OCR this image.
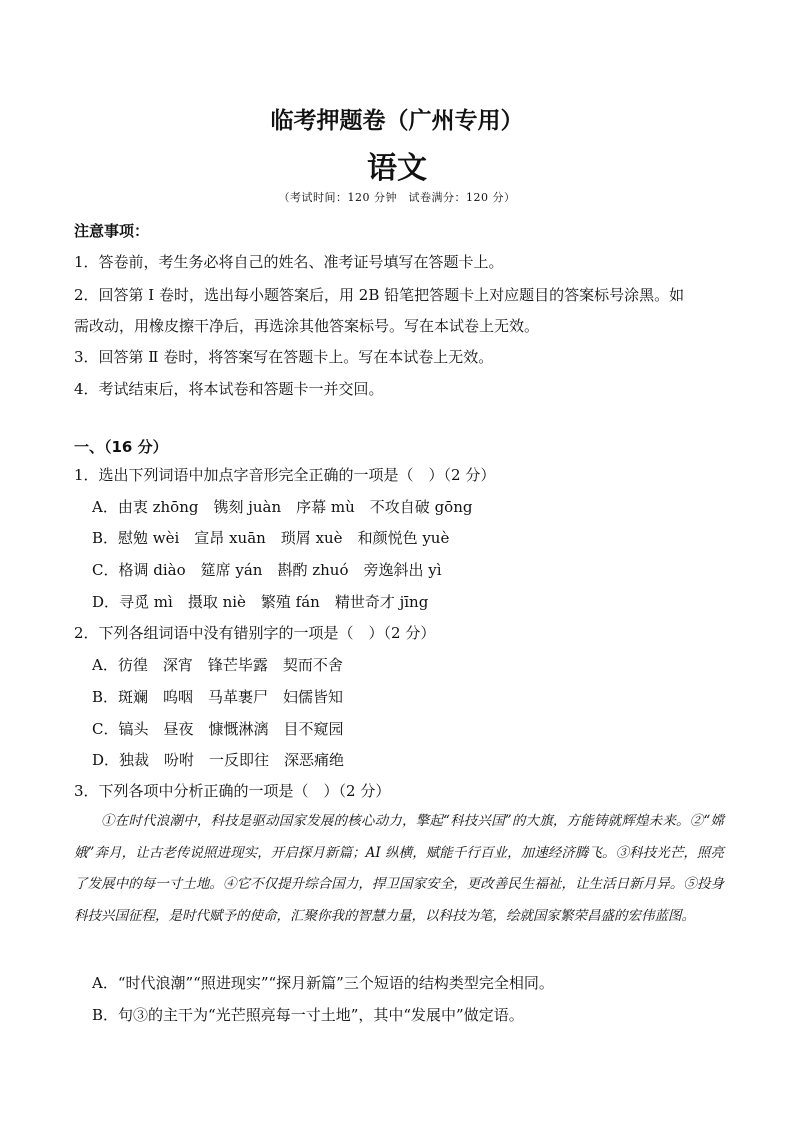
临考押题卷（广州专用）
语文
（考试时间：120 分钟　试卷满分：120 分）
注意事项：
1．答卷前，考生务必将自己的姓名、准考证号填写在答题卡上。
2．回答第 Ⅰ 卷时，选出每小题答案后，用 2B 铅笔把答题卡上对应题目的答案标号涂黑。如
需改动，用橡皮擦干净后，再选涂其他答案标号。写在本试卷上无效。
3．回答第 Ⅱ 卷时，将答案写在答题卡上。写在本试卷上无效。
4．考试结束后，将本试卷和答题卡一并交回。
一、（16 分）
1．选出下列词语中加点字音形完全正确的一项是（　）（2 分）
A．由衷 zhōng　镌刻 juàn　序幕 mù　不攻自破 gōng
B．慰勉 wèi　宣昂 xuān　琐屑 xuè　和颜悦色 yuè
C．格调 diào　筵席 yán　斟酌 zhuó　旁逸斜出 yì
D．寻觅 mì　摄取 niè　繁殖 fán　精世奇才 jīng
2．下列各组词语中没有错别字的一项是（　）（2 分）
A．彷徨　深宵　锋芒毕露　契而不舍
B．斑斓　呜咽　马革裹尸　妇儒皆知
C．镐头　昼夜　慷慨淋漓　目不窥园
D．独裁　吩咐　一反即往　深恶痛绝
3．下列各项中分析正确的一项是（　）（2 分）
①在时代浪潮中，科技是驱动国家发展的核心动力，擎起“科技兴国”的大旗，方能铸就辉煌未来。②“嫦娥”奔月，让古老传说照进现实，开启探月新篇；AI 纵横，赋能千行百业，加速经济腾飞。③科技光芒，照亮了发展中的每一寸土地。④它不仅提升综合国力，捍卫国家安全，更改善民生福祉，让生活日新月异。⑤投身科技兴国征程，是时代赋予的使命，汇聚你我的智慧力量，以科技为笔，绘就国家繁荣昌盛的宏伟蓝图。
A．“时代浪潮”“照进现实”“探月新篇”三个短语的结构类型完全相同。
B．句③的主干为“光芒照亮每一寸土地”，其中“发展中”做定语。
